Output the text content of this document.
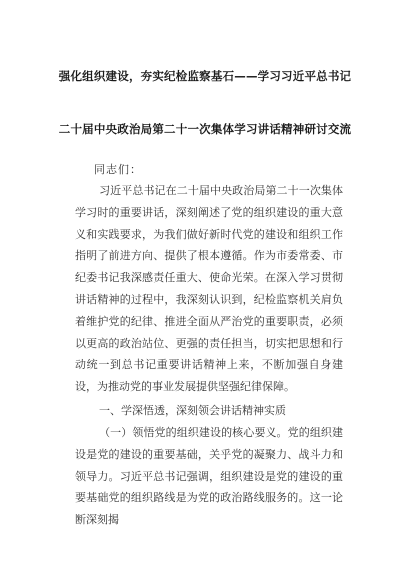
强化组织建设，夯实纪检监察基石——学习习近平总书记
二十届中央政治局第二十一次集体学习讲话精神研讨交流
同志们：
习近平总书记在二十届中央政治局第二十一次集体学习时的重要讲话，深刻阐述了党的组织建设的重大意义和实践要求，为我们做好新时代党的建设和组织工作指明了前进方向、提供了根本遵循。作为市委常委、市纪委书记我深感责任重大、使命光荣。在深入学习贯彻讲话精神的过程中，我深刻认识到，纪检监察机关肩负着维护党的纪律、推进全面从严治党的重要职责，必须以更高的政治站位、更强的责任担当，切实把思想和行动统一到总书记重要讲话精神上来，不断加强自身建设，为推动党的事业发展提供坚强纪律保障。
一、学深悟透，深刻领会讲话精神实质
（一）领悟党的组织建设的核心要义。党的组织建设是党的建设的重要基础，关乎党的凝聚力、战斗力和领导力。习近平总书记强调，组织建设是党的建设的重要基础党的组织路线是为党的政治路线服务的。这一论断深刻揭
